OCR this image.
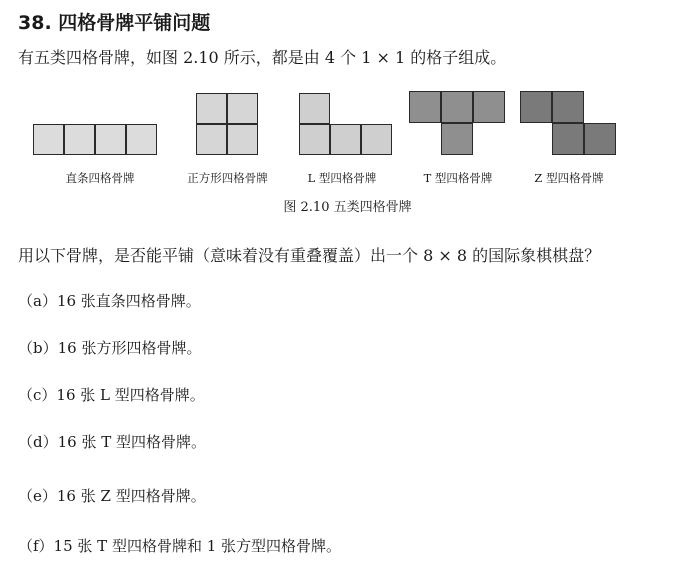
38. 四格骨牌平铺问题
有五类四格骨牌，如图 2.10 所示，都是由 4 个 1 × 1 的格子组成。
直条四格骨牌	正方形四格骨牌	L 型四格骨牌	T 型四格骨牌	Z 型四格骨牌
图 2.10 五类四格骨牌
用以下骨牌，是否能平铺（意味着没有重叠覆盖）出一个 8 × 8 的国际象棋棋盘？
（a）16 张直条四格骨牌。
（b）16 张方形四格骨牌。
（c）16 张 L 型四格骨牌。
（d）16 张 T 型四格骨牌。
（e）16 张 Z 型四格骨牌。
（f）15 张 T 型四格骨牌和 1 张方型四格骨牌。
